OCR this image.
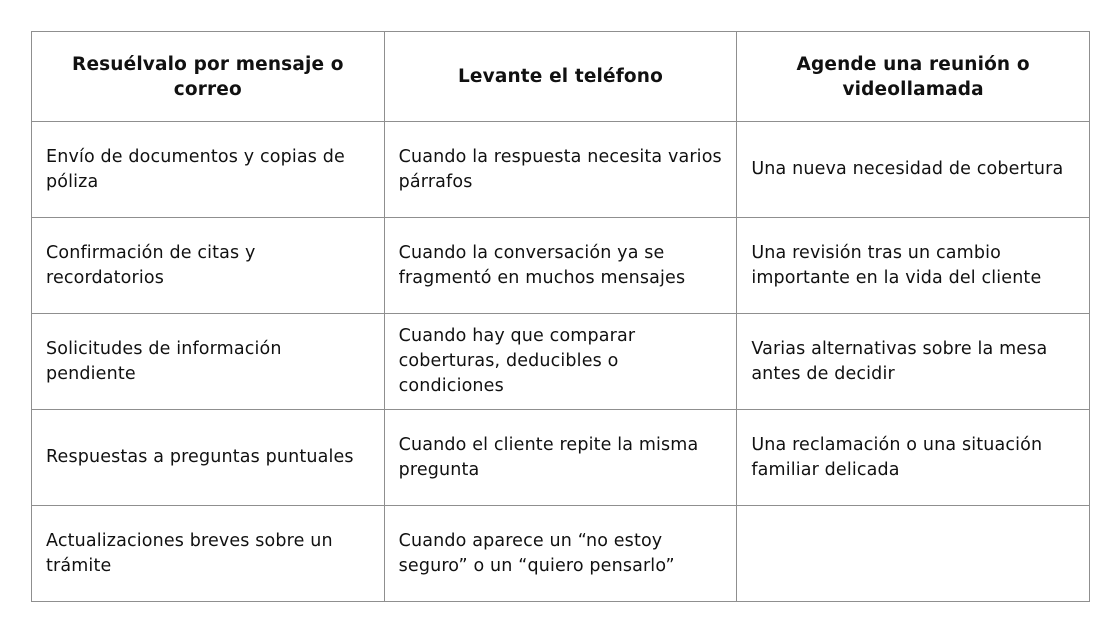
Resuélvalo por mensaje o correo	Levante el teléfono	Agende una reunión o videollamada
Envío de documentos y copias de póliza	Cuando la respuesta necesita varios párrafos	Una nueva necesidad de cobertura
Confirmación de citas y recordatorios	Cuando la conversación ya se fragmentó en muchos mensajes	Una revisión tras un cambio importante en la vida del cliente
Solicitudes de información pendiente	Cuando hay que comparar coberturas, deducibles o condiciones	Varias alternativas sobre la mesa antes de decidir
Respuestas a preguntas puntuales	Cuando el cliente repite la misma pregunta	Una reclamación o una situación familiar delicada
Actualizaciones breves sobre un trámite	Cuando aparece un “no estoy seguro” o un “quiero pensarlo”	
